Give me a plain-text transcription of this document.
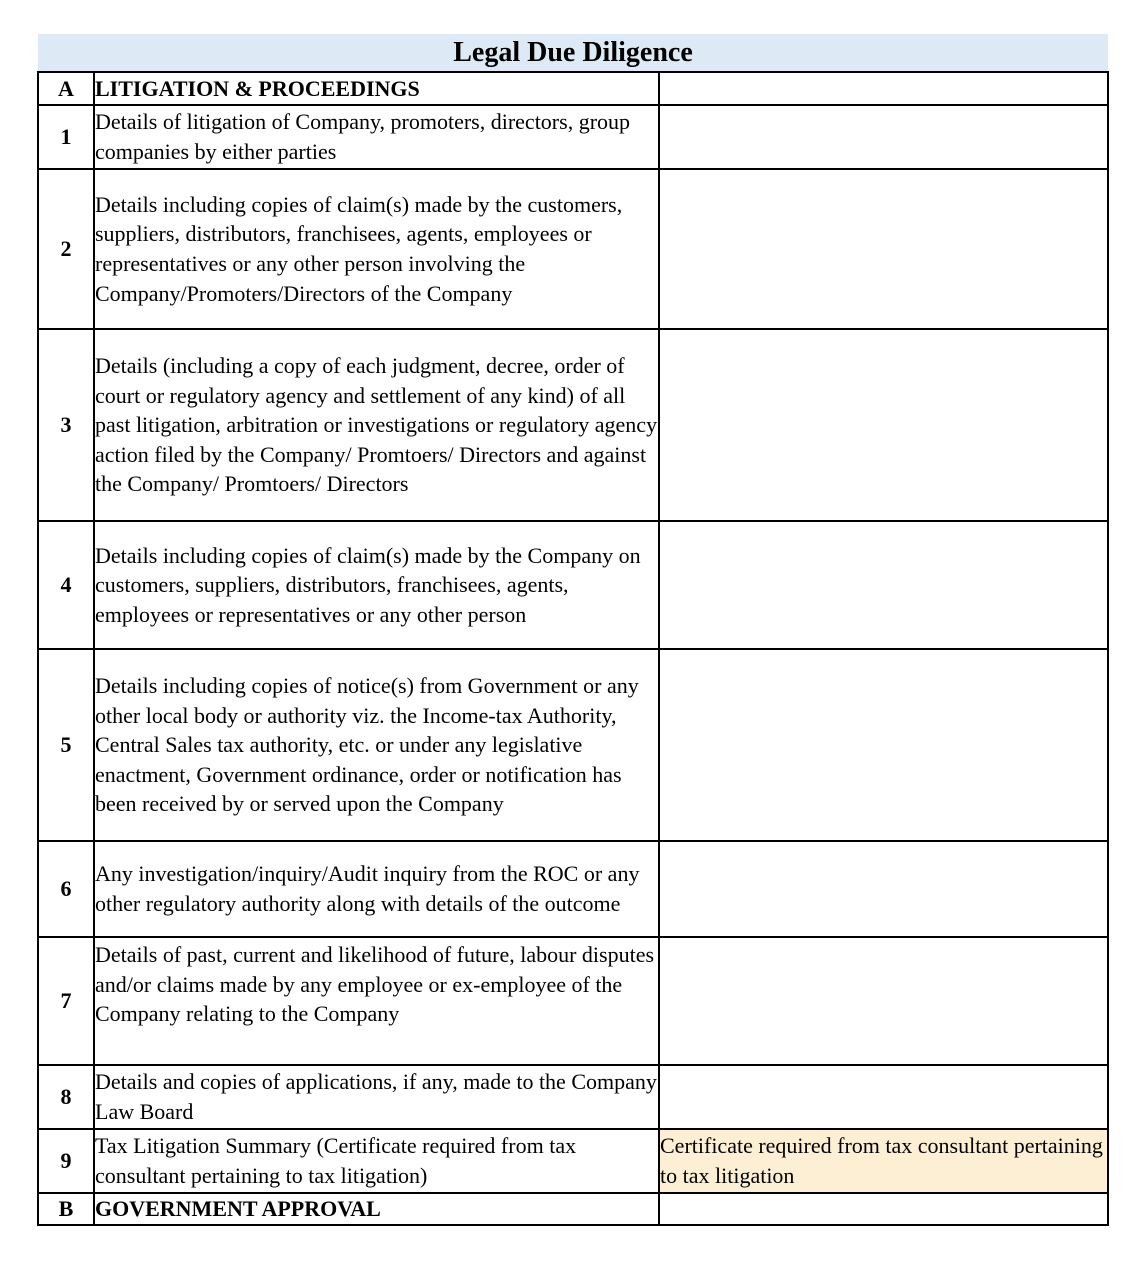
Legal Due Diligence
A	LITIGATION & PROCEEDINGS	
1	Details of litigation of Company, promoters, directors, group companies by either parties	
2	Details including copies of claim(s) made by the customers, suppliers, distributors, franchisees, agents, employees or representatives or any other person involving the Company/Promoters/Directors of the Company	
3	Details (including a copy of each judgment, decree, order of court or regulatory agency and settlement of any kind) of all past litigation, arbitration or investigations or regulatory agency action filed by the Company/ Promtoers/ Directors and against the Company/ Promtoers/ Directors	
4	Details including copies of claim(s) made by the Company on customers, suppliers, distributors, franchisees, agents, employees or representatives or any other person	
5	Details including copies of notice(s) from Government or any other local body or authority viz. the Income-tax Authority, Central Sales tax authority, etc. or under any legislative enactment, Government ordinance, order or notification has been received by or served upon the Company	
6	Any investigation/inquiry/Audit inquiry from the ROC or any other regulatory authority along with details of the outcome	
7	Details of past, current and likelihood of future, labour disputes and/or claims made by any employee or ex-employee of the Company relating to the Company	
8	Details and copies of applications, if any, made to the Company Law Board	
9	Tax Litigation Summary (Certificate required from tax consultant pertaining to tax litigation)	Certificate required from tax consultant pertaining to tax litigation
B	GOVERNMENT APPROVAL	
